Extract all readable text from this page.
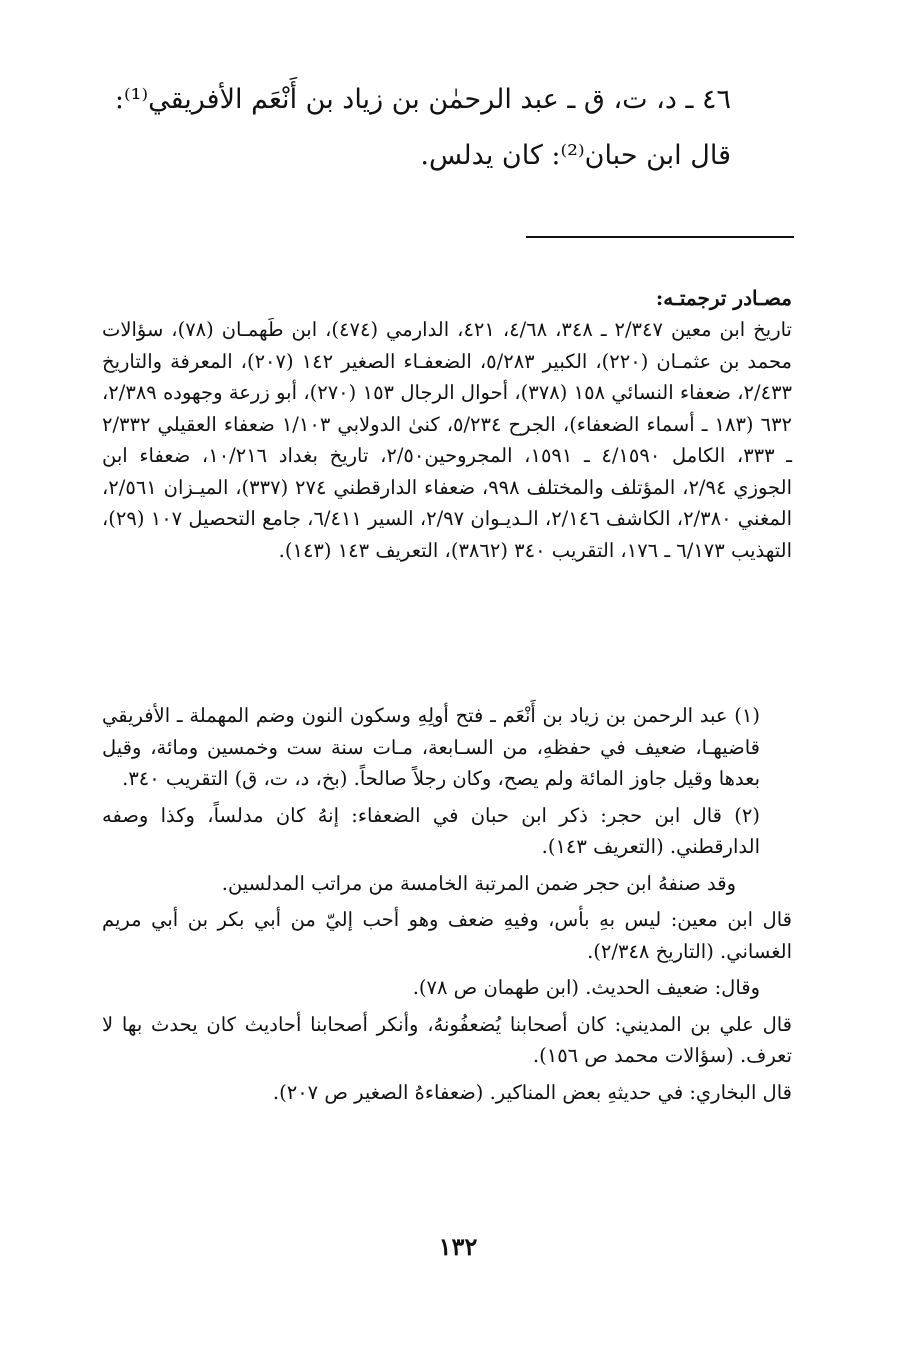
٤٦ ـ د، ت، ق ـ عبد الرحمٰن بن زياد بن أَنْعَم الأفريقي⁽¹⁾:
قال ابن حبان⁽²⁾: كان يدلس.
مصـادر ترجمتـه:
تاريخ ابن معين ٢/٣٤٧ ـ ٣٤٨، ٤/٦٨، ٤٢١، الدارمي (٤٧٤)، ابن طَهمـان (٧٨)، سؤالات محمد بن عثمـان (٢٢٠)، الكبير ٥/٢٨٣، الضعفـاء الصغير ١٤٢ (٢٠٧)، المعرفة والتاريخ ٢/٤٣٣، ضعفاء النسائي ١٥٨ (٣٧٨)، أحوال الرجال ١٥٣ (٢٧٠)، أبو زرعة وجهوده ٢/٣٨٩، ٦٣٢ (١٨٣ ـ أسماء الضعفاء)، الجرح ٥/٢٣٤، كنىٰ الدولابي ١/١٠٣ ضعفاء العقيلي ٢/٣٣٢ ـ ٣٣٣، الكامل ٤/١٥٩٠ ـ ١٥٩١، المجروحين٢/٥٠، تاريخ بغداد ١٠/٢١٦، ضعفاء ابن الجوزي ٢/٩٤، المؤتلف والمختلف ٩٩٨، ضعفاء الدارقطني ٢٧٤ (٣٣٧)، الميـزان ٢/٥٦١، المغني ٢/٣٨٠، الكاشف ٢/١٤٦، الـديـوان ٢/٩٧، السير ٦/٤١١، جامع التحصيل ١٠٧ (٢٩)، التهذيب ٦/١٧٣ ـ ١٧٦، التقريب ٣٤٠ (٣٨٦٢)، التعريف ١٤٣ (١٤٣).

(١) عبد الرحمن بن زياد بن أَنْعَم ـ فتح أولِهِ وسكون النون وضم المهملة ـ الأفريقي قاضيهـا، ضعيف في حفظهِ، من السـابعة، مـات سنة ست وخمسين ومائة، وقيل بعدها وقيل جاوز المائة ولم يصح، وكان رجلاً صالحاً. (بخ، د، ت، ق) التقريب ٣٤٠.

(٢) قال ابن حجر: ذكر ابن حبان في الضعفاء: إنهُ كان مدلساً، وكذا وصفه الدارقطني. (التعريف ١٤٣).

وقد صنفهُ ابن حجر ضمن المرتبة الخامسة من مراتب المدلسين.

قال ابن معين: ليس بهِ بأس، وفيهِ ضعف وهو أحب إليّ من أبي بكر بن أبي مريم الغساني. (التاريخ ٢/٣٤٨).

وقال: ضعيف الحديث. (ابن طهمان ص ٧٨).

قال علي بن المديني: كان أصحابنا يُضعفُونهُ، وأنكر أصحابنا أحاديث كان يحدث بها لا تعرف. (سؤالات محمد ص ١٥٦).

قال البخاري: في حديثهِ بعض المناكير. (ضعفاءهُ الصغير ص ٢٠٧).

١٣٢
